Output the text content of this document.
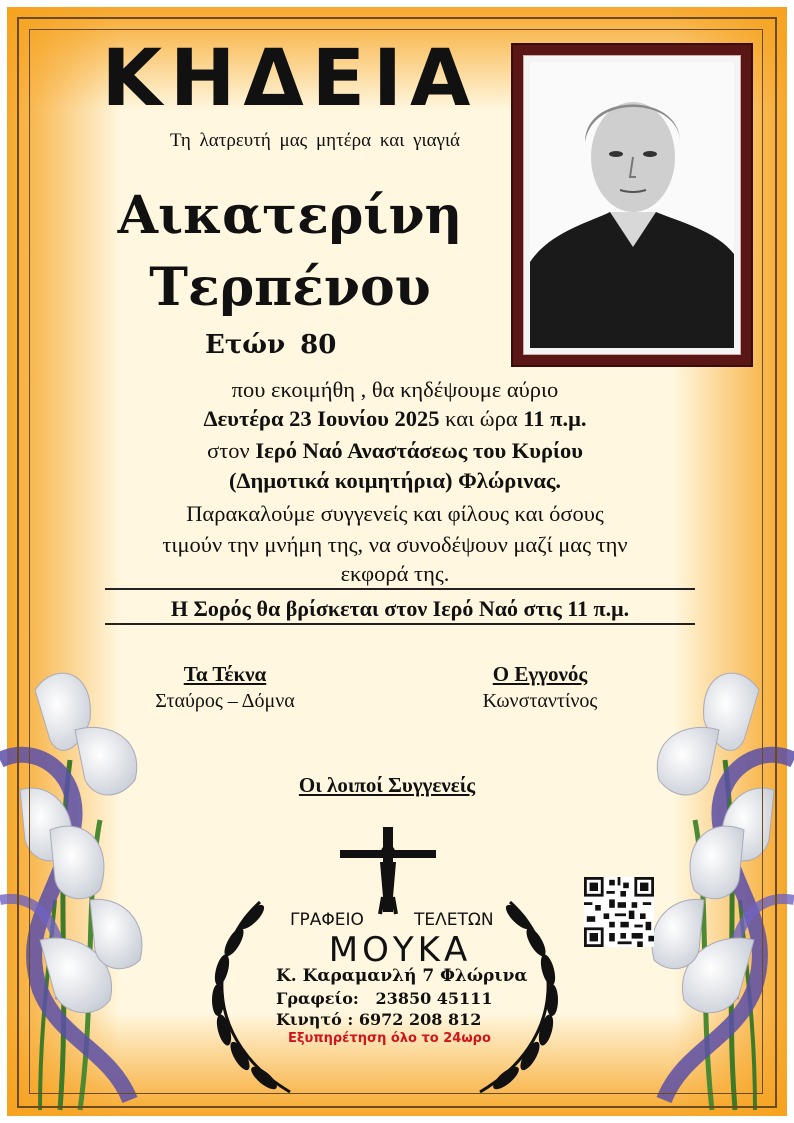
ΚΗΔΕΙΑ
Τη λατρευτή μας μητέρα και γιαγιά
Αικατερίνη
Τερπένου
Ετών 80
που εκοιμήθη , θα κηδέψουμε αύριο
Δευτέρα 23 Ιουνίου 2025 και ώρα 11 π.μ.
στον Ιερό Ναό Αναστάσεως του Κυρίου
(Δημοτικά κοιμητήρια) Φλώρινας.
Παρακαλούμε συγγενείς και φίλους και όσους
τιμούν την μνήμη της, να συνοδέψουν μαζί μας την
εκφορά της.
Η Σορός θα βρίσκεται στον Ιερό Ναό στις 11 π.μ.
Τα Τέκνα
Σταύρος – Δόμνα
Ο Εγγονός
Κωνσταντίνος
Οι λοιποί Συγγενείς
ΓΡΑΦΕΙΟ	ΤΕΛΕΤΩΝ
ΜΟΥΚΑ
Κ. Καραμανλή 7 Φλώρινα
Γραφείο:   23850 45111
Κινητό : 6972 208 812
Εξυπηρέτηση όλο το 24ωρο
